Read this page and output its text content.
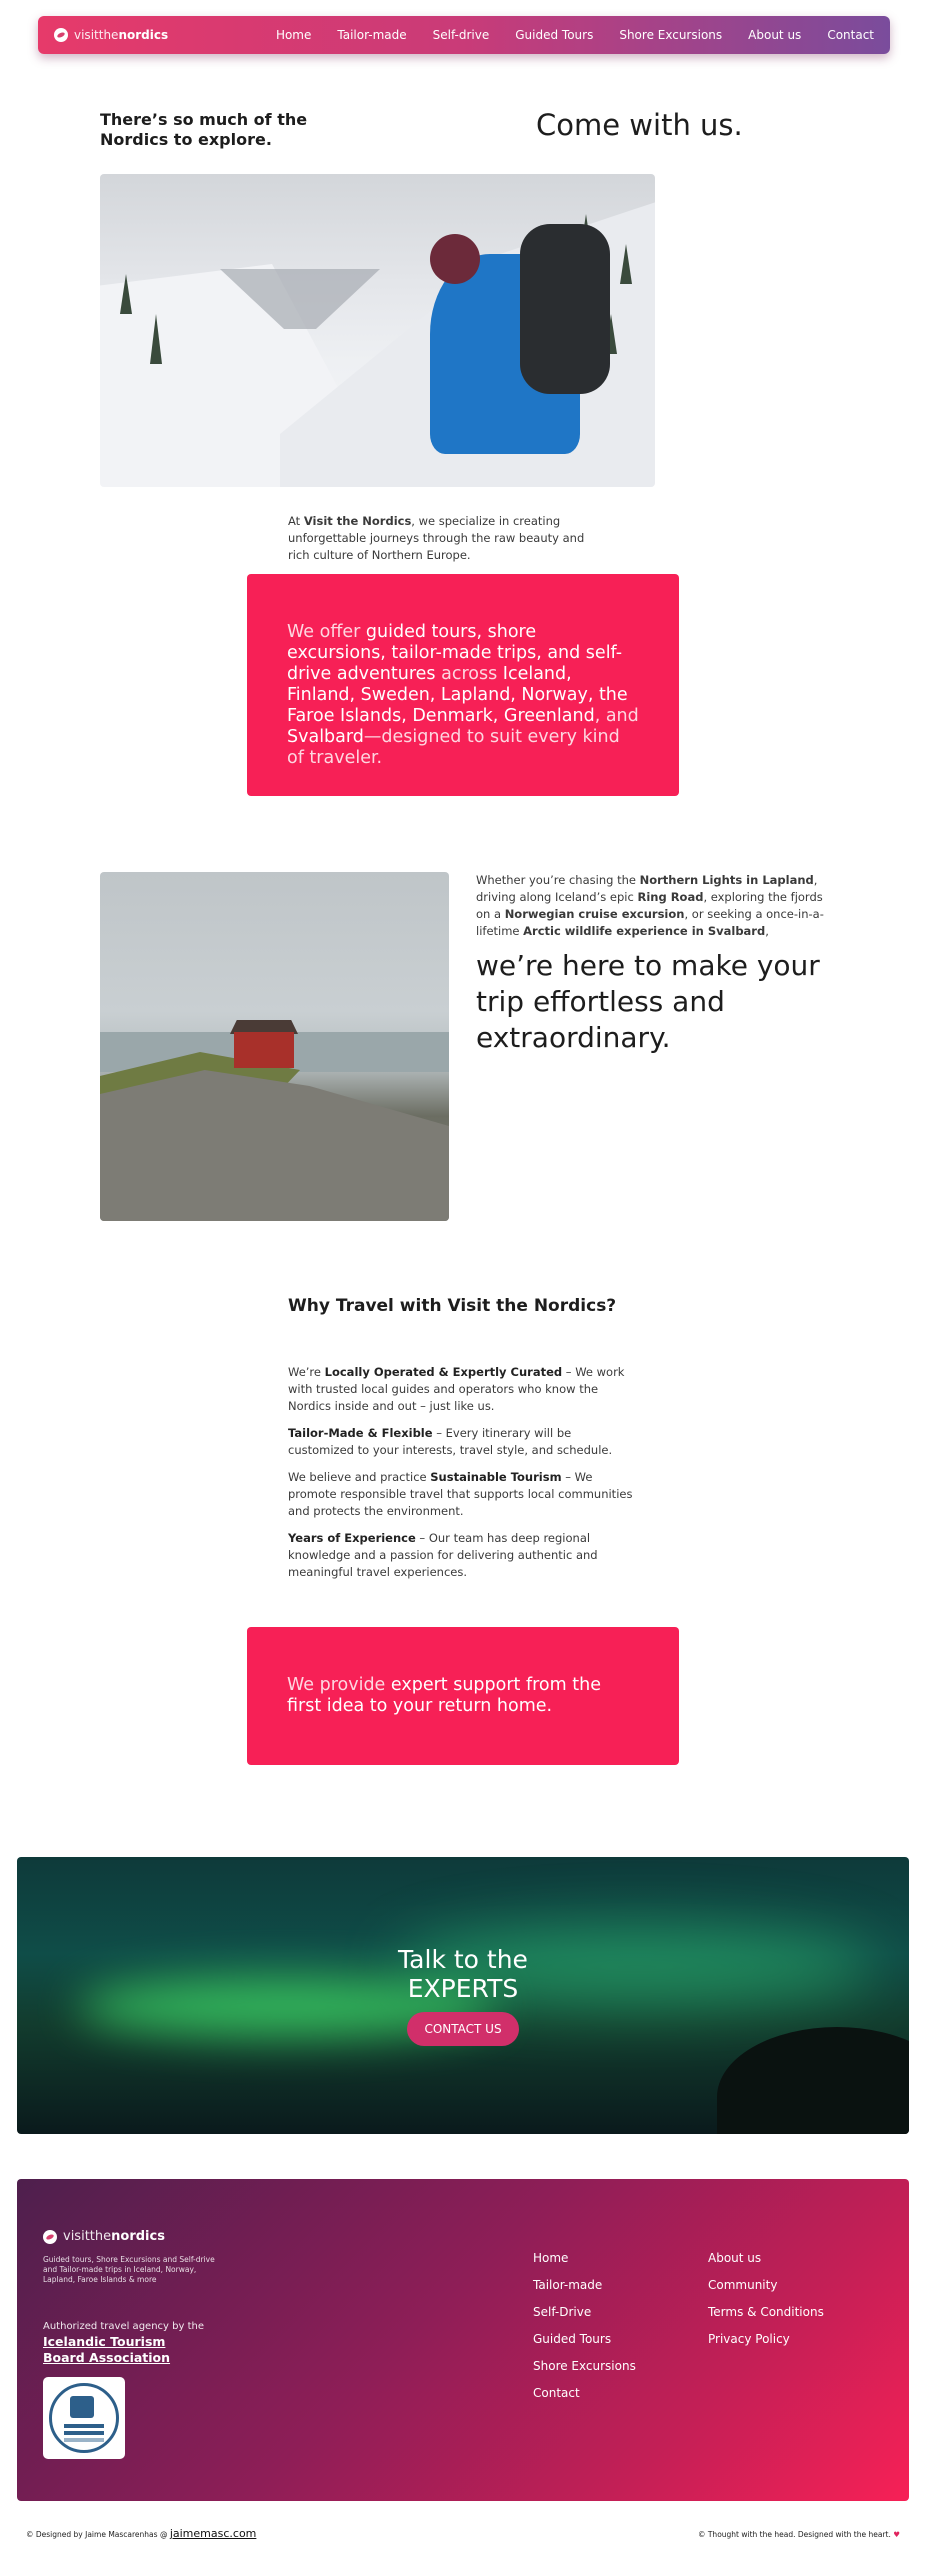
visitthenordics	Home Tailor-made Self-drive Guided Tours Shore Excursions About us Contact
There’s so much of the Nordics to explore.	Come with us.
At Visit the Nordics, we specialize in creating unforgettable journeys through the raw beauty and rich culture of Northern Europe.
We offer guided tours, shore excursions, tailor-made trips, and self-drive adventures across Iceland, Finland, Sweden, Lapland, Norway, the Faroe Islands, Denmark, Greenland, and Svalbard—designed to suit every kind of traveler.
Whether you’re chasing the Northern Lights in Lapland, driving along Iceland’s epic Ring Road, exploring the fjords on a Norwegian cruise excursion, or seeking a once-in-a-lifetime Arctic wildlife experience in Svalbard,
we’re here to make your trip effortless and extraordinary.
Why Travel with Visit the Nordics?

We’re Locally Operated & Expertly Curated – We work with trusted local guides and operators who know the Nordics inside and out – just like us.

Tailor-Made & Flexible – Every itinerary will be customized to your interests, travel style, and schedule.

We believe and practice Sustainable Tourism – We promote responsible travel that supports local communities and protects the environment.

Years of Experience – Our team has deep regional knowledge and a passion for delivering authentic and meaningful travel experiences.

We provide expert support from the first idea to your return home.
Talk to the
EXPERTS
CONTACT US
visitthenordics
Guided tours, Shore Excursions and Self-drive and Tailor-made trips in Iceland, Norway, Lapland, Faroe Islands & more
Authorized travel agency by the
Icelandic Tourism Board Association
Home
Tailor-made
Self-Drive
Guided Tours
Shore Excursions
Contact
About us
Community
Terms & Conditions
Privacy Policy
© Designed by Jaime Mascarenhas @ jaimemasc.com	© Thought with the head. Designed with the heart. ♥
